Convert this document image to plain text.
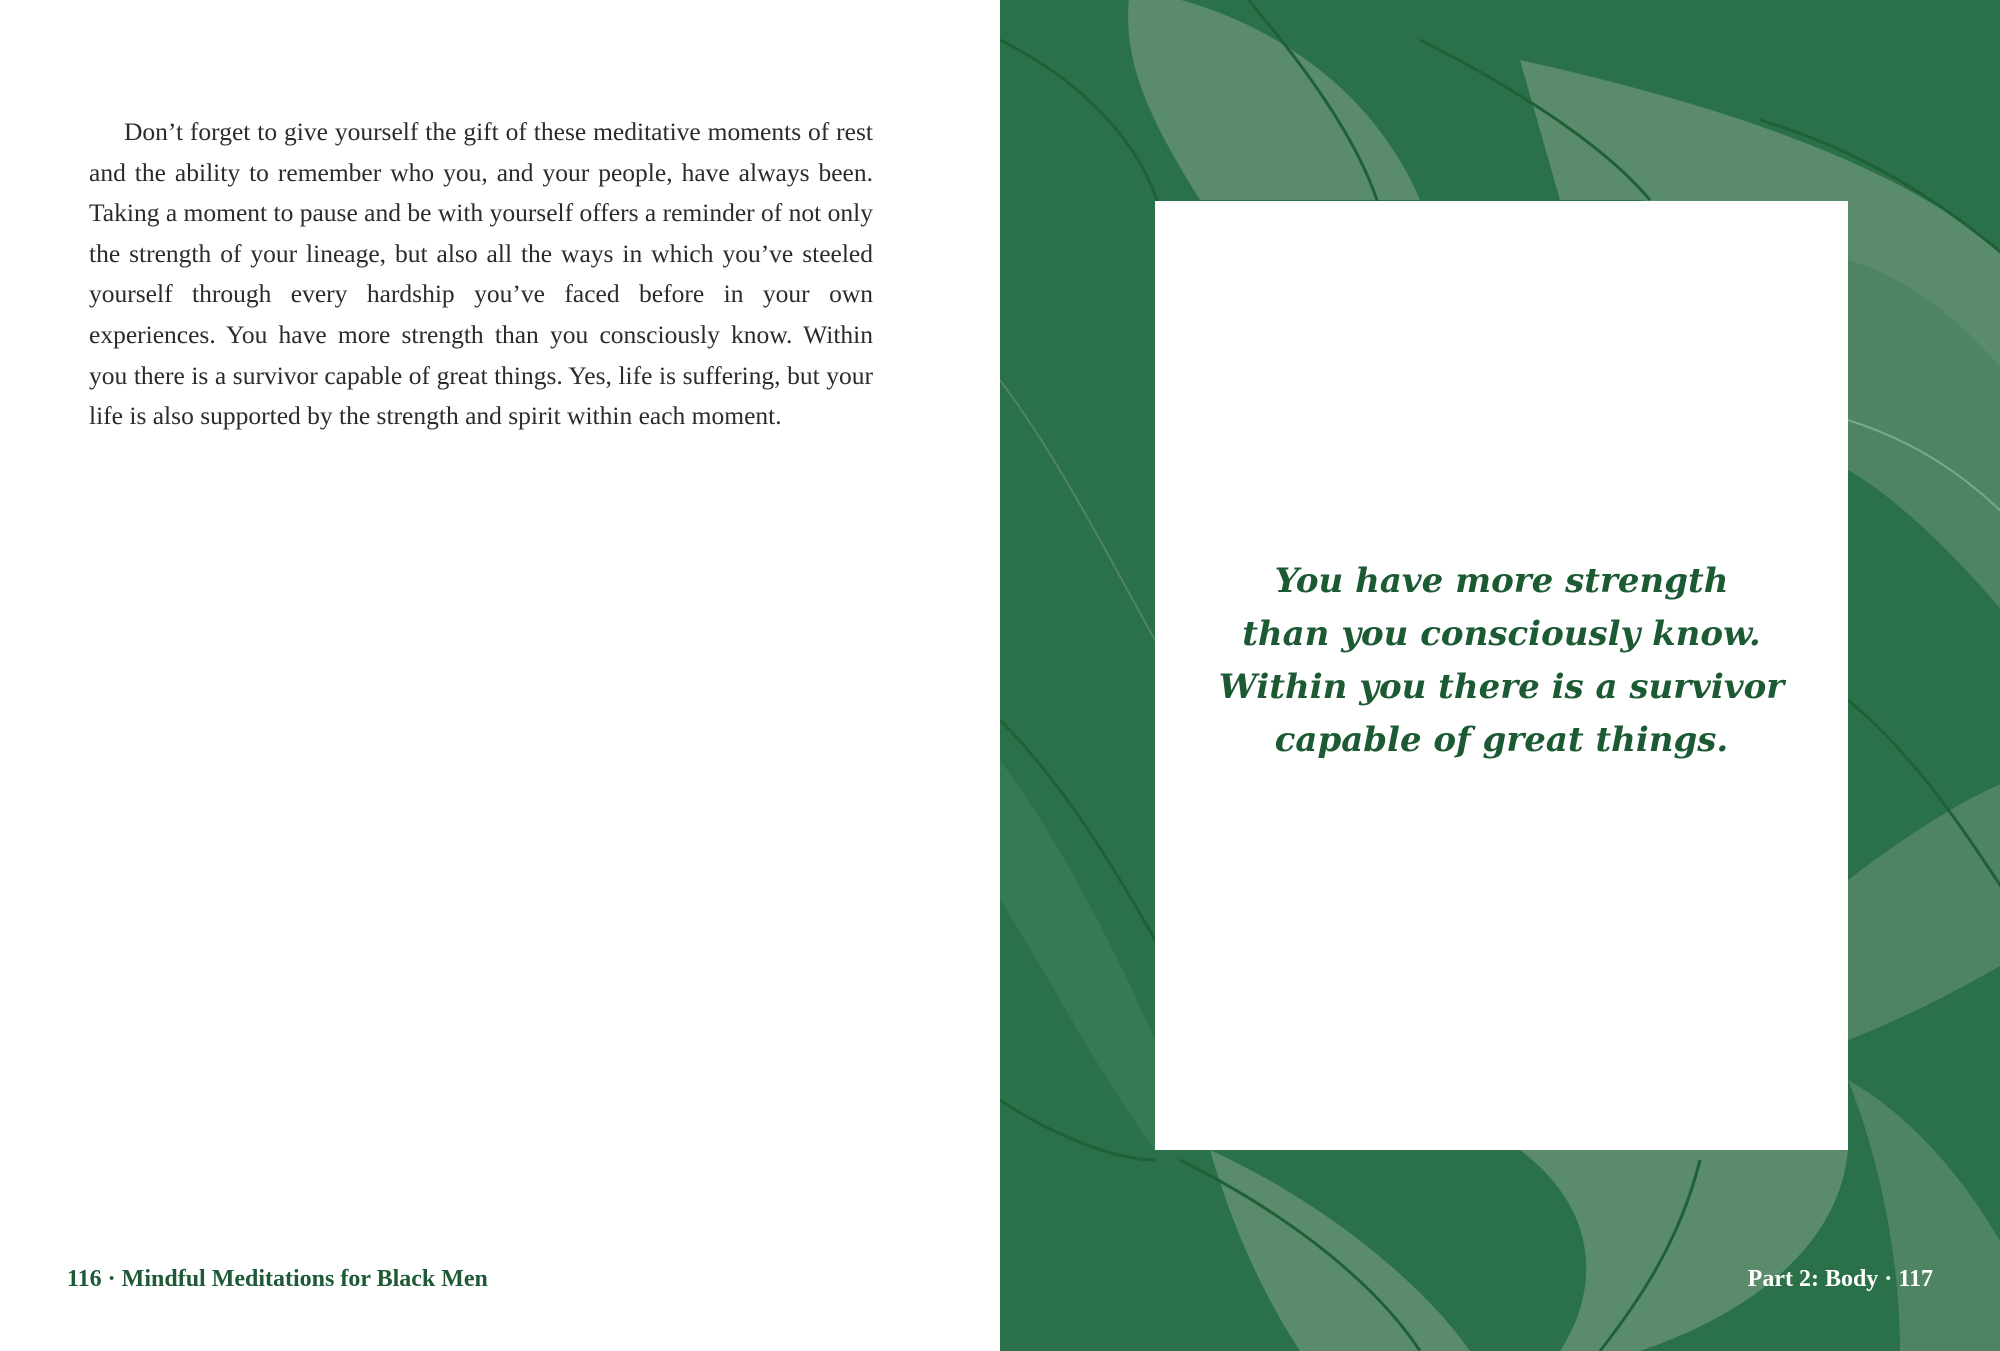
Don’t forget to give yourself the gift of these meditative moments of rest and the ability to remember who you, and your people, have always been. Taking a moment to pause and be with yourself offers a reminder of not only the strength of your lineage, but also all the ways in which you’ve steeled yourself through every hardship you’ve faced before in your own experiences. You have more strength than you consciously know. Within you there is a survivor capable of great things. Yes, life is suffering, but your life is also supported by the strength and spirit within each moment.

116 · Mindful Meditations for Black Men
You have more strength
than you consciously know.
Within you there is a survivor
capable of great things.
Part 2: Body · 117
